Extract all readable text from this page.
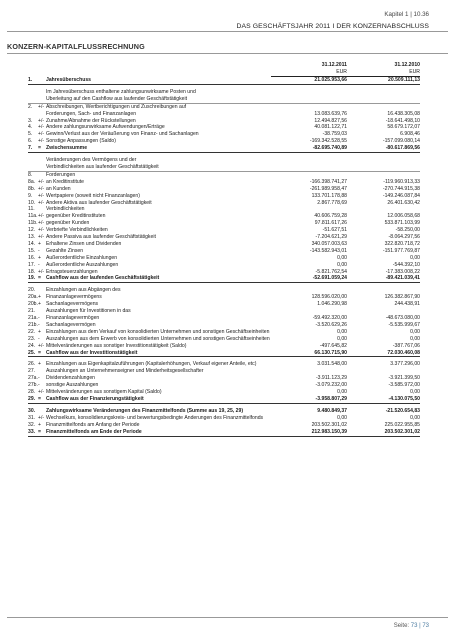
Kapitel 1 | 10.36
DAS GESCHÄFTSJAHR 2011 I DER KONZERNABSCHLUSS
KONZERN-KAPITALFLUSSRECHNUNG
			31.12.2011	31.12.2010
			EUR	EUR
1.		Jahresüberschuss	21.025.953,66	20.509.111,13

		Im Jahresüberschuss enthaltene zahlungsunwirksame Posten und		
		Überleitung auf den Cashflow aus laufender Geschäftstätigkeit		
2.	+/-	Abschreibungen, Wertberichtigungen und Zuschreibungen auf		
		Forderungen, Sach- und Finanzanlagen	13.083.639,76	16.438.305,08
3.	+/-	Zunahme/Abnahme der Rückstellungen	12.494.827,56	-18.641.498,10
4.	+/-	Andere zahlungsunwirksame Aufwendungen/Erträge	40.081.122,71	58.679.172,07
5.	+/-	Gewinn/Verlust aus der Veräußerung von Finanz- und Sachanlagen	-38.759,03	6.908,46
6.	+/-	Sonstige Anpassungen (Saldo)	-169.342.528,55	-157.099.080,14
7.	=	Zwischensumme	-82.695.740,89	-80.617.869,56

		Veränderungen des Vermögens und der		
		Verbindlichkeiten aus laufender Geschäftstätigkeit		
8.		Forderungen		
8a.	+/-	an Kreditinstitute	-166.398.741,27	-119.960.913,33
8b.	+/-	an Kunden	-261.989.958,47	-270.744.915,38
9.	+/-	Wertpapiere (soweit nicht Finanzanlagen)	133.701.178,88	-149.246.087,84
10.	+/-	Andere Aktiva aus laufender Geschäftstätigkeit	2.867.778,69	26.401.630,42
11.		Verbindlichkeiten		
11a.	+/-	gegenüber Kreditinstituten	40.606.759,28	12.006.058,68
11b.	+/-	gegenüber Kunden	97.811.617,26	533.871.103,99
12.	+/-	Verbriefte Verbindlichkeiten	-51.627,51	-58.250,00
13.	+/-	Andere Passiva aus laufender Geschäftstätigkeit	-7.204.621,29	-8.064.297,56
14.	+	Erhaltene Zinsen und Dividenden	340.057.003,63	322.820.718,72
15.	-	Gezahlte Zinsen	-143.582.943,01	-151.977.769,87
16.	+	Außerordentliche Einzahlungen	0,00	0,00
17.	-	Außerordentliche Auszahlungen	0,00	-544.392,10
18.	+/-	Ertragsteuerzahlungen	-5.821.762,54	-17.383.008,22
19.	=	Cashflow aus der laufenden Geschäftstätigkeit	-52.691.059,24	-89.421.039,41

20.		Einzahlungen aus Abgängen des		
20a.	+	Finanzanlagevermögens	128.596.020,00	126.382.867,90
20b.	+	Sachanlagevermögens	1.046.290,98	244.438,91
21.		Auszahlungen für Investitionen in das		
21a.	-	Finanzanlagevermögen	-59.492.320,00	-48.673.080,00
21b.	-	Sachanlagevermögen	-3.520.629,26	-5.535.999,67
22.	+	Einzahlungen aus dem Verkauf von konsolidierten Unternehmen und sonstigen Geschäftseinheiten	0,00	0,00
23.	-	Auszahlungen aus dem Erwerb von konsolidierten Unternehmen und sonstigen Geschäftseinheiten	0,00	0,00
24.	+/-	Mittelveränderungen aus sonstiger Investitionstätigkeit (Saldo)	-497.645,82	-387.767,06
25.	=	Cashflow aus der Investitionstätigkeit	66.130.715,90	72.030.460,08

26.	+	Einzahlungen aus Eigenkapitalzuführungen (Kapitalerhöhungen, Verkauf eigener Anteile, etc)	3.031.548,00	3.377.296,00
27.		Auszahlungen an Unternehmenseigner und Minderheitsgesellschafter		
27a.	-	Dividendenzahlungen	-3.911.123,29	-3.921.399,50
27b.	-	sonstige Auszahlungen	-3.079.232,00	-3.585.972,00
28.	+/-	Mittelveränderungen aus sonstigem Kapital (Saldo)	0,00	0,00
29.	=	Cashflow aus der Finanzierungstätigkeit	-3.958.807,29	-4.130.075,50

30.		Zahlungswirksame Veränderungen des Finanzmittelfonds (Summe aus 19, 25, 29)	9.480.849,37	-21.520.654,83
31.	+/-	Wechselkurs, konsolidierungskreis- und bewertungsbedingte Änderungen des Finanzmittelfonds	0,00	0,00
32.	+	Finanzmittelfonds am Anfang der Periode	203.502.301,02	225.022.955,85
33.	=	Finanzmittelfonds am Ende der Periode	212.983.150,39	203.502.301,02
Seite: 73 | 73
